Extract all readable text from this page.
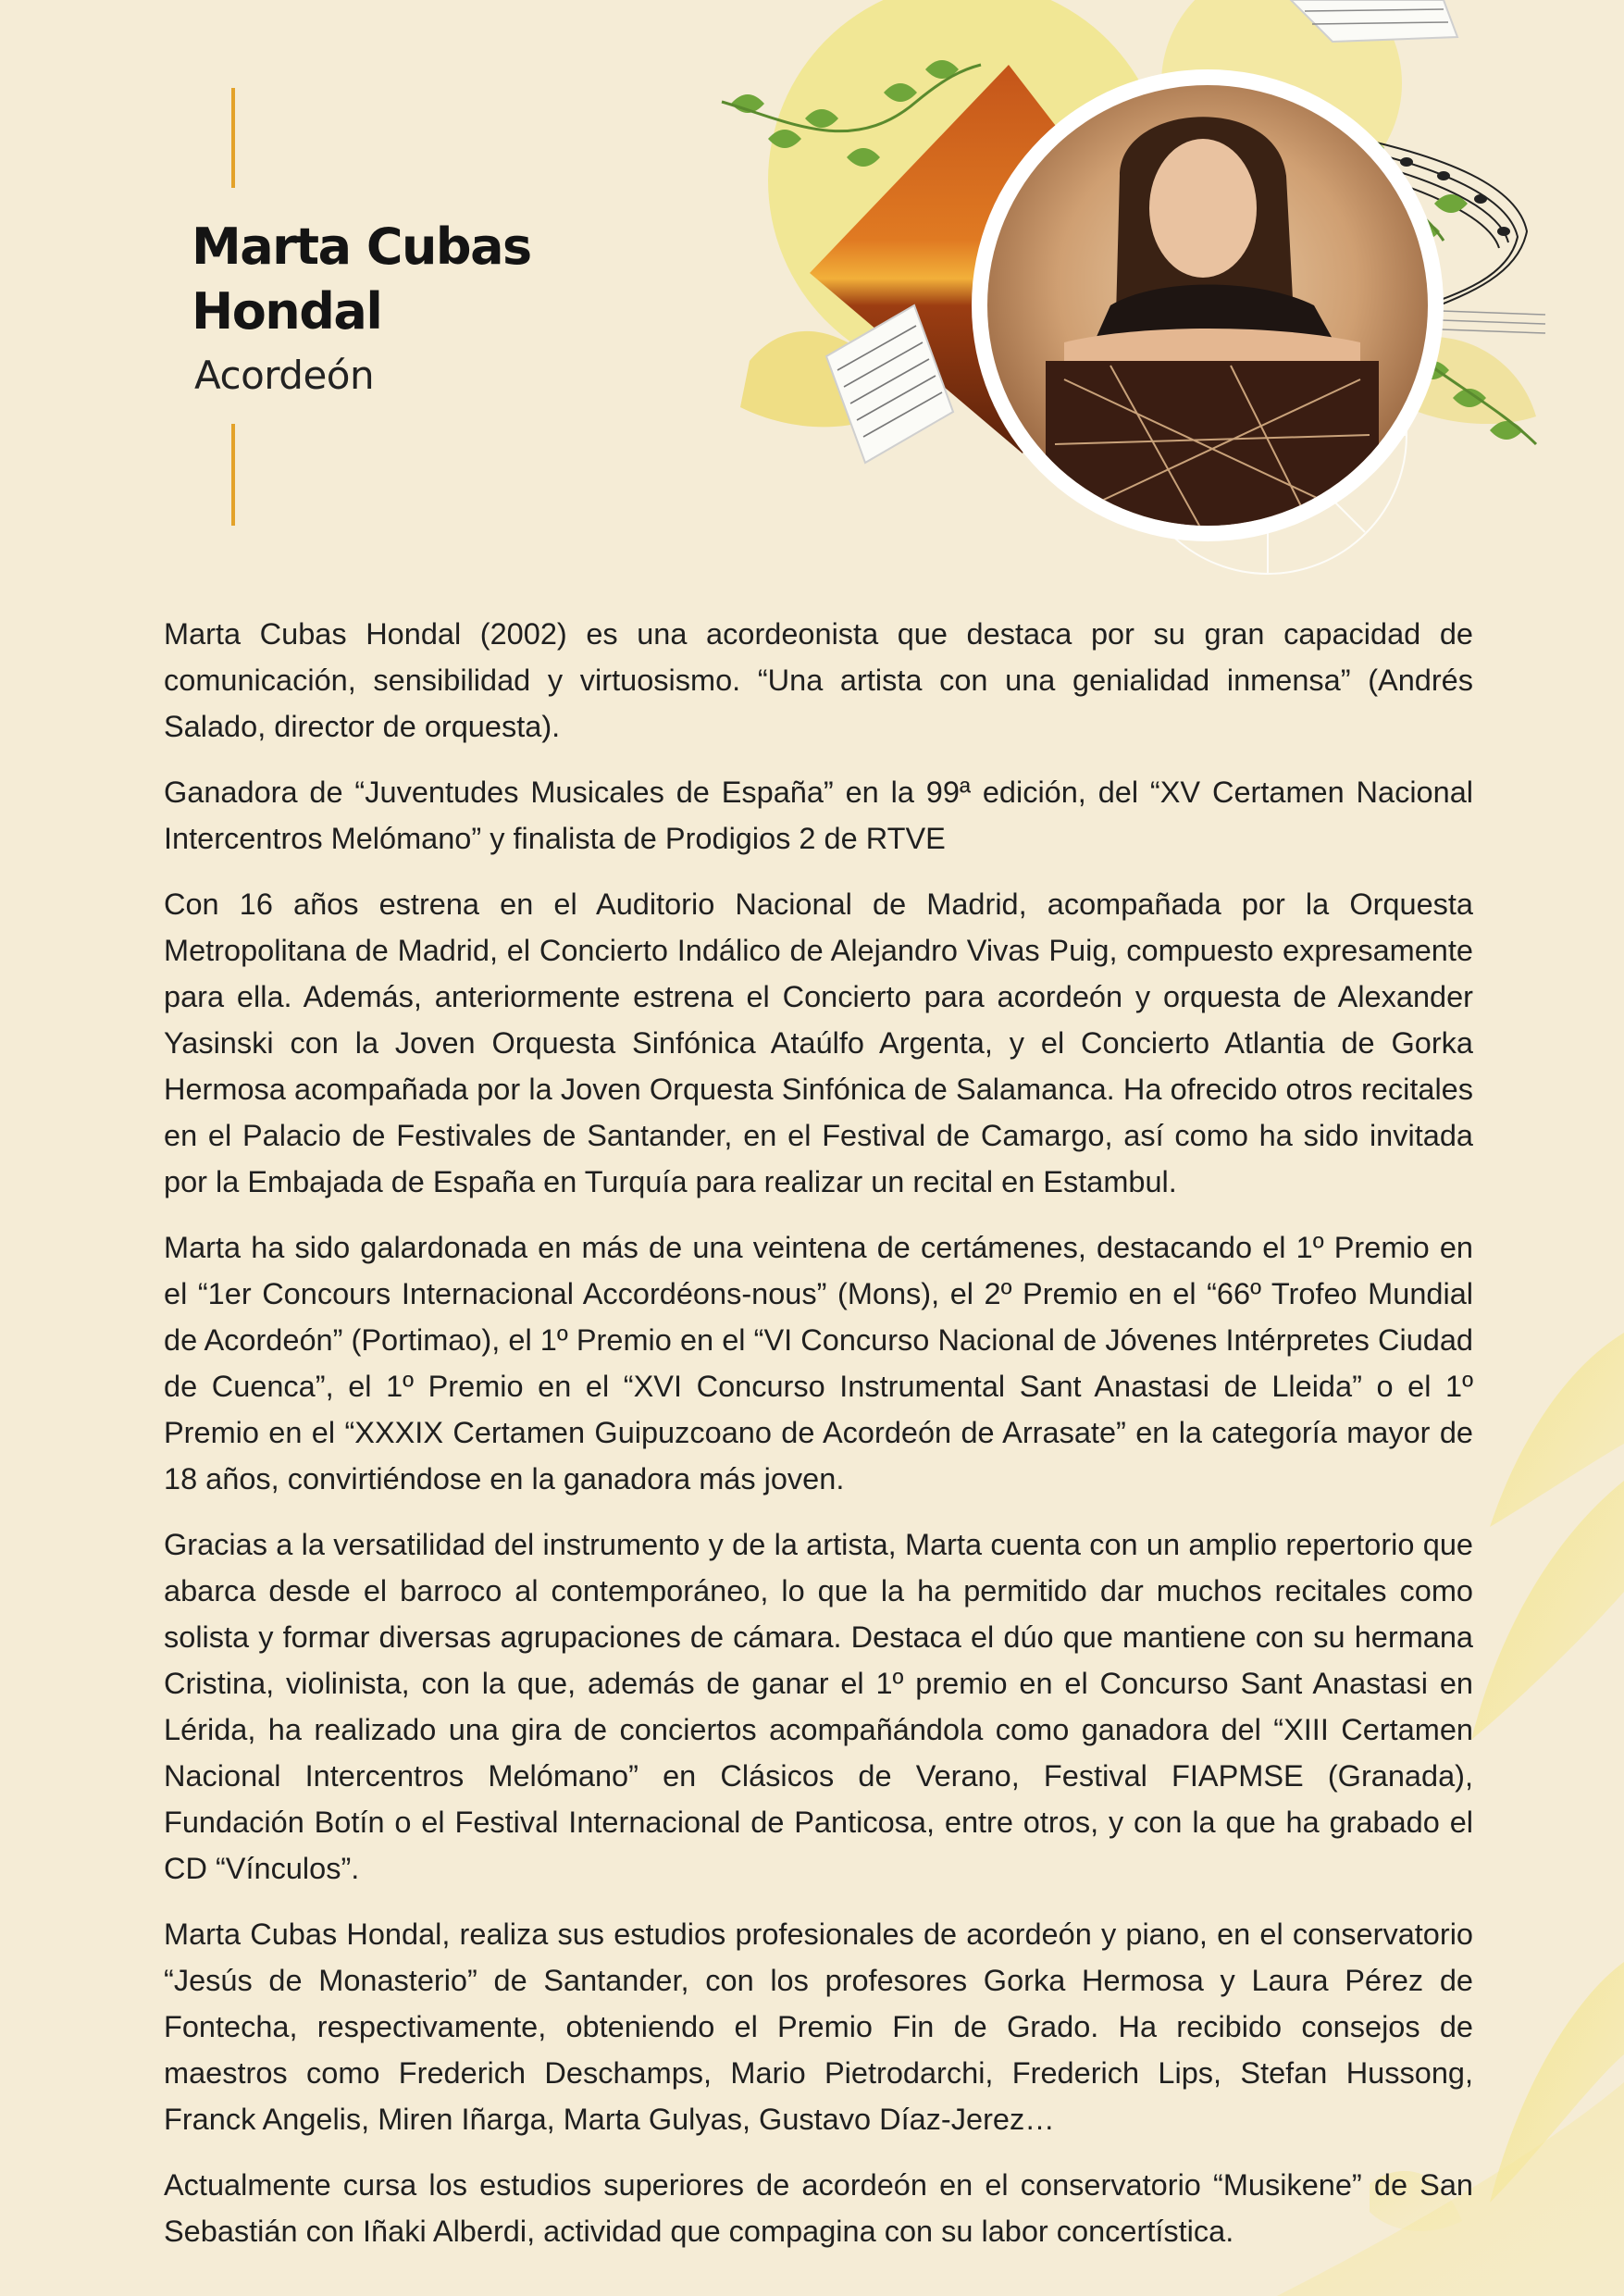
Marta Cubas
Hondal
Acordeón

Marta Cubas Hondal (2002) es una acordeonista que destaca por su gran capacidad de comunicación, sensibilidad y virtuosismo. “Una artista con una genialidad inmensa” (Andrés Salado, director de orquesta).

Ganadora de “Juventudes Musicales de España” en la 99ª edición, del “XV Certamen Nacional Intercentros Melómano” y finalista de Prodigios 2 de RTVE

Con 16 años estrena en el Auditorio Nacional de Madrid, acompañada por la Orquesta Metropolitana de Madrid, el Concierto Indálico de Alejandro Vivas Puig, compuesto expresamente para ella. Además, anteriormente estrena el Concierto para acordeón y orquesta de Alexander Yasinski con la Joven Orquesta Sinfónica Ataúlfo Argenta, y el Concierto Atlantia de Gorka Hermosa acompañada por la Joven Orquesta Sinfónica de Salamanca. Ha ofrecido otros recitales en el Palacio de Festivales de Santander, en el Festival de Camargo, así como ha sido invitada por la Embajada de España en Turquía para realizar un recital en Estambul.

Marta ha sido galardonada en más de una veintena de certámenes, destacando el 1º Premio en el “1er Concours Internacional Accordéons-nous” (Mons), el 2º Premio en el “66º Trofeo Mundial de Acordeón” (Portimao), el 1º Premio en el “VI Concurso Nacional de Jóvenes Intérpretes Ciudad de Cuenca”, el 1º Premio en el “XVI Concurso Instrumental Sant Anastasi de Lleida” o el 1º Premio en el “XXXIX Certamen Guipuzcoano de Acordeón de Arrasate” en la categoría mayor de 18 años, convirtiéndose en la ganadora más joven.

Gracias a la versatilidad del instrumento y de la artista, Marta cuenta con un amplio repertorio que abarca desde el barroco al contemporáneo, lo que la ha permitido dar muchos recitales como solista y formar diversas agrupaciones de cámara. Destaca el dúo que mantiene con su hermana Cristina, violinista, con la que, además de ganar el 1º premio en el Concurso Sant Anastasi en Lérida, ha realizado una gira de conciertos acompañándola como ganadora del “XIII Certamen Nacional Intercentros Melómano” en Clásicos de Verano, Festival FIAPMSE (Granada), Fundación Botín o el Festival Internacional de Panticosa, entre otros, y con la que ha grabado el CD “Vínculos”.

Marta Cubas Hondal, realiza sus estudios profesionales de acordeón y piano, en el conservatorio “Jesús de Monasterio” de Santander, con los profesores Gorka Hermosa y Laura Pérez de Fontecha, respectivamente, obteniendo el Premio Fin de Grado. Ha recibido consejos de maestros como Frederich Deschamps, Mario Pietrodarchi, Frederich Lips, Stefan Hussong, Franck Angelis, Miren Iñarga, Marta Gulyas, Gustavo Díaz-Jerez…

Actualmente cursa los estudios superiores de acordeón en el conservatorio “Musikene” de San Sebastián con Iñaki Alberdi, actividad que compagina con su labor concertística.
